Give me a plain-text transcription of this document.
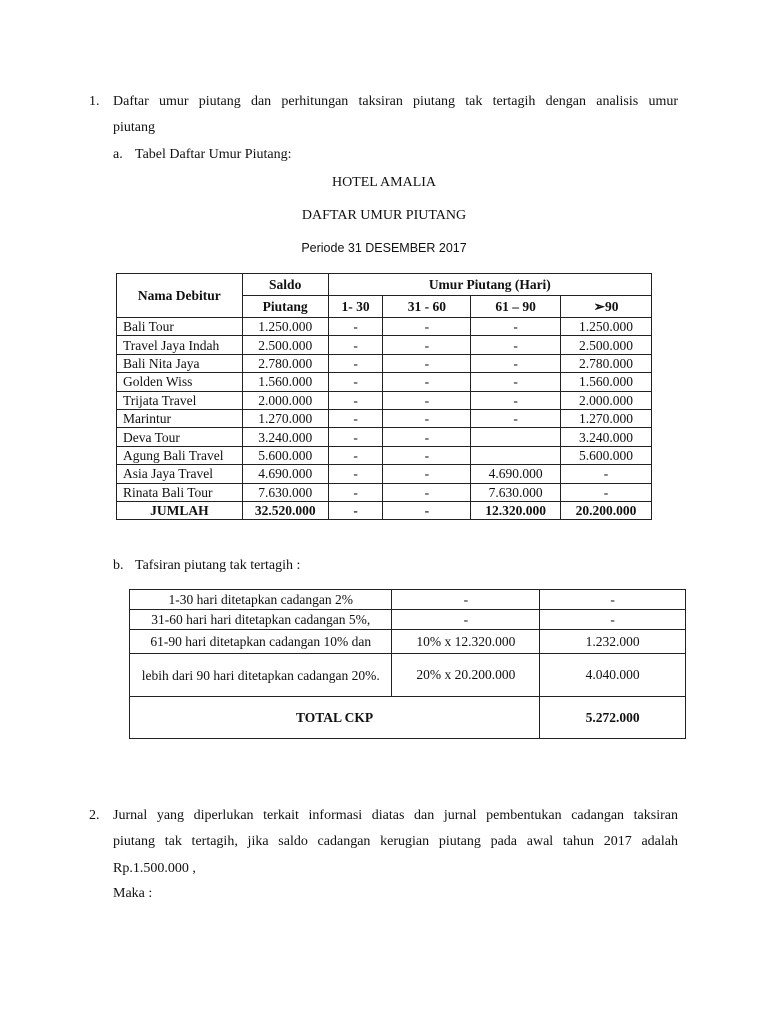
1. Daftar umur piutang dan perhitungan taksiran piutang tak tertagih dengan analisis umur
piutang
a. Tabel Daftar Umur Piutang:
HOTEL AMALIA
DAFTAR UMUR PIUTANG
Periode 31 DESEMBER 2017
Nama Debitur	Saldo	Umur Piutang (Hari)			
	Piutang	1- 30	31 - 60	61 – 90	➢90
Bali Tour	1.250.000	-	-	-	1.250.000
Travel Jaya Indah	2.500.000	-	-	-	2.500.000
Bali Nita Jaya	2.780.000	-	-	-	2.780.000
Golden Wiss	1.560.000	-	-	-	1.560.000
Trijata Travel	2.000.000	-	-	-	2.000.000
Marintur	1.270.000	-	-	-	1.270.000
Deva Tour	3.240.000	-	-		3.240.000
Agung Bali Travel	5.600.000	-	-		5.600.000
Asia Jaya Travel	4.690.000	-	-	4.690.000	-
Rinata Bali Tour	7.630.000	-	-	7.630.000	-
JUMLAH	32.520.000	-	-	12.320.000	20.200.000
b. Tafsiran piutang tak tertagih :
1-30 hari ditetapkan cadangan 2%	-	-
31-60 hari hari ditetapkan cadangan 5%,	-	-
61-90 hari ditetapkan cadangan 10% dan	10% x 12.320.000	1.232.000
lebih dari 90 hari ditetapkan cadangan 20%.	20% x 20.200.000	4.040.000
TOTAL CKP		5.272.000
2. Jurnal yang diperlukan terkait informasi diatas dan jurnal pembentukan cadangan taksiran
piutang tak tertagih, jika saldo cadangan kerugian piutang pada awal tahun 2017 adalah
Rp.1.500.000 ,
Maka :
